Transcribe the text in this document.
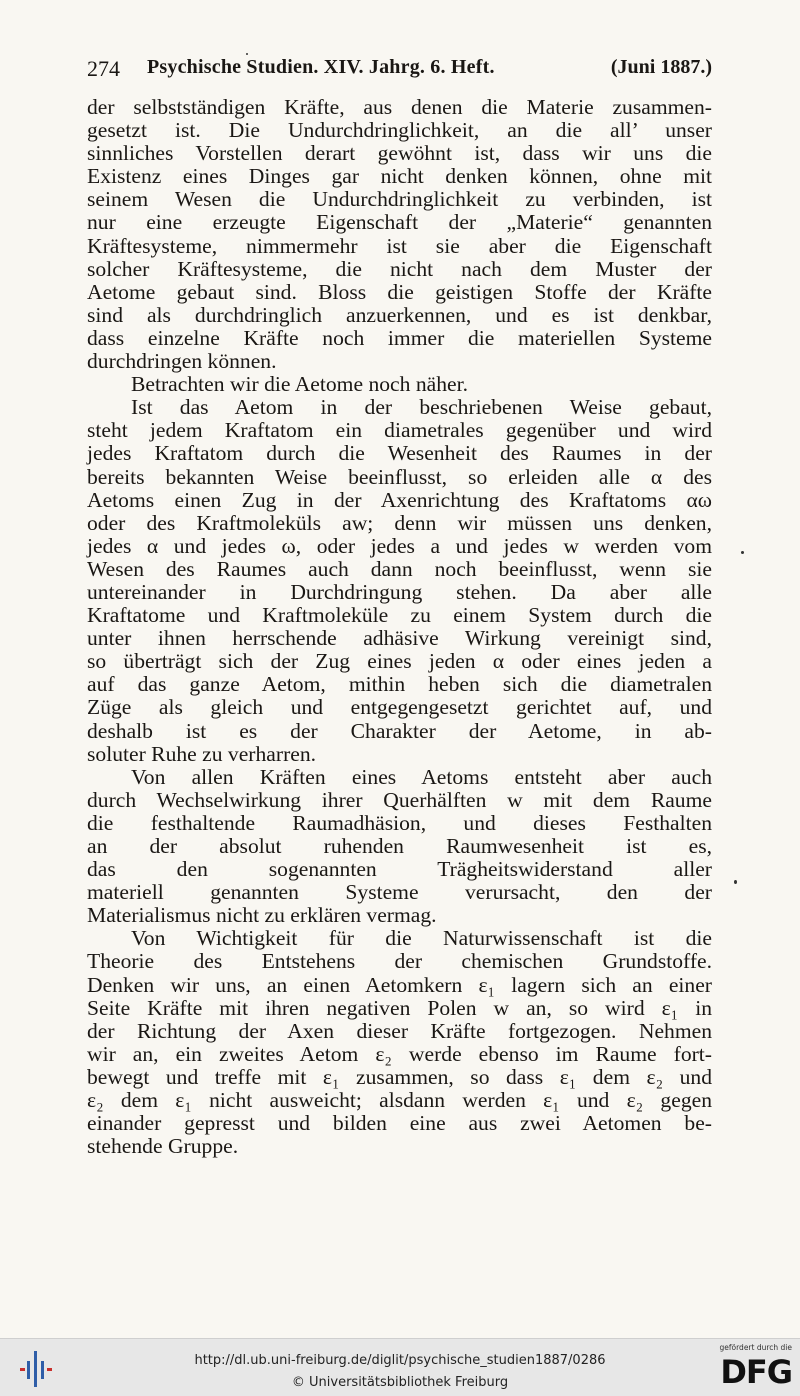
274 Psychische Studien. XIV. Jahrg. 6. Heft.	(Juni 1887.)
der selbstständigen Kräfte, aus denen die Materie zusammen-
gesetzt ist. Die Undurchdringlichkeit, an die all’ unser
sinnliches Vorstellen derart gewöhnt ist, dass wir uns die
Existenz eines Dinges gar nicht denken können, ohne mit
seinem Wesen die Undurchdringlichkeit zu verbinden, ist
nur eine erzeugte Eigenschaft der „Materie“ genannten
Kräftesysteme, nimmermehr ist sie aber die Eigenschaft
solcher Kräftesysteme, die nicht nach dem Muster der
Aetome gebaut sind. Bloss die geistigen Stoffe der Kräfte
sind als durchdringlich anzuerkennen, und es ist denkbar,
dass einzelne Kräfte noch immer die materiellen Systeme
durchdringen können.
Betrachten wir die Aetome noch näher.
Ist das Aetom in der beschriebenen Weise gebaut,
steht jedem Kraftatom ein diametrales gegenüber und wird
jedes Kraftatom durch die Wesenheit des Raumes in der
bereits bekannten Weise beeinflusst, so erleiden alle α des
Aetoms einen Zug in der Axenrichtung des Kraftatoms αω
oder des Kraftmoleküls aw; denn wir müssen uns denken,
jedes α und jedes ω, oder jedes a und jedes w werden vom
Wesen des Raumes auch dann noch beeinflusst, wenn sie
untereinander in Durchdringung stehen. Da aber alle
Kraftatome und Kraftmoleküle zu einem System durch die
unter ihnen herrschende adhäsive Wirkung vereinigt sind,
so überträgt sich der Zug eines jeden α oder eines jeden a
auf das ganze Aetom, mithin heben sich die diametralen
Züge als gleich und entgegengesetzt gerichtet auf, und
deshalb ist es der Charakter der Aetome, in ab-
soluter Ruhe zu verharren.
Von allen Kräften eines Aetoms entsteht aber auch
durch Wechselwirkung ihrer Querhälften w mit dem Raume
die festhaltende Raumadhäsion, und dieses Festhalten
an der absolut ruhenden Raumwesenheit ist es,
das den sogenannten Trägheitswiderstand aller
materiell genannten Systeme verursacht, den der
Materialismus nicht zu erklären vermag.
Von Wichtigkeit für die Naturwissenschaft ist die
Theorie des Entstehens der chemischen Grundstoffe.
Denken wir uns, an einen Aetomkern ε₁ lagern sich an einer
Seite Kräfte mit ihren negativen Polen w an, so wird ε₁ in
der Richtung der Axen dieser Kräfte fortgezogen. Nehmen
wir an, ein zweites Aetom ε₂ werde ebenso im Raume fort-
bewegt und treffe mit ε₁ zusammen, so dass ε₁ dem ε₂ und
ε₂ dem ε₁ nicht ausweicht; alsdann werden ε₁ und ε₂ gegen
einander gepresst und bilden eine aus zwei Aetomen be-
stehende Gruppe.
http://dl.ub.uni-freiburg.de/diglit/psychische_studien1887/0286
© Universitätsbibliothek Freiburg
gefördert durch die
DFG
